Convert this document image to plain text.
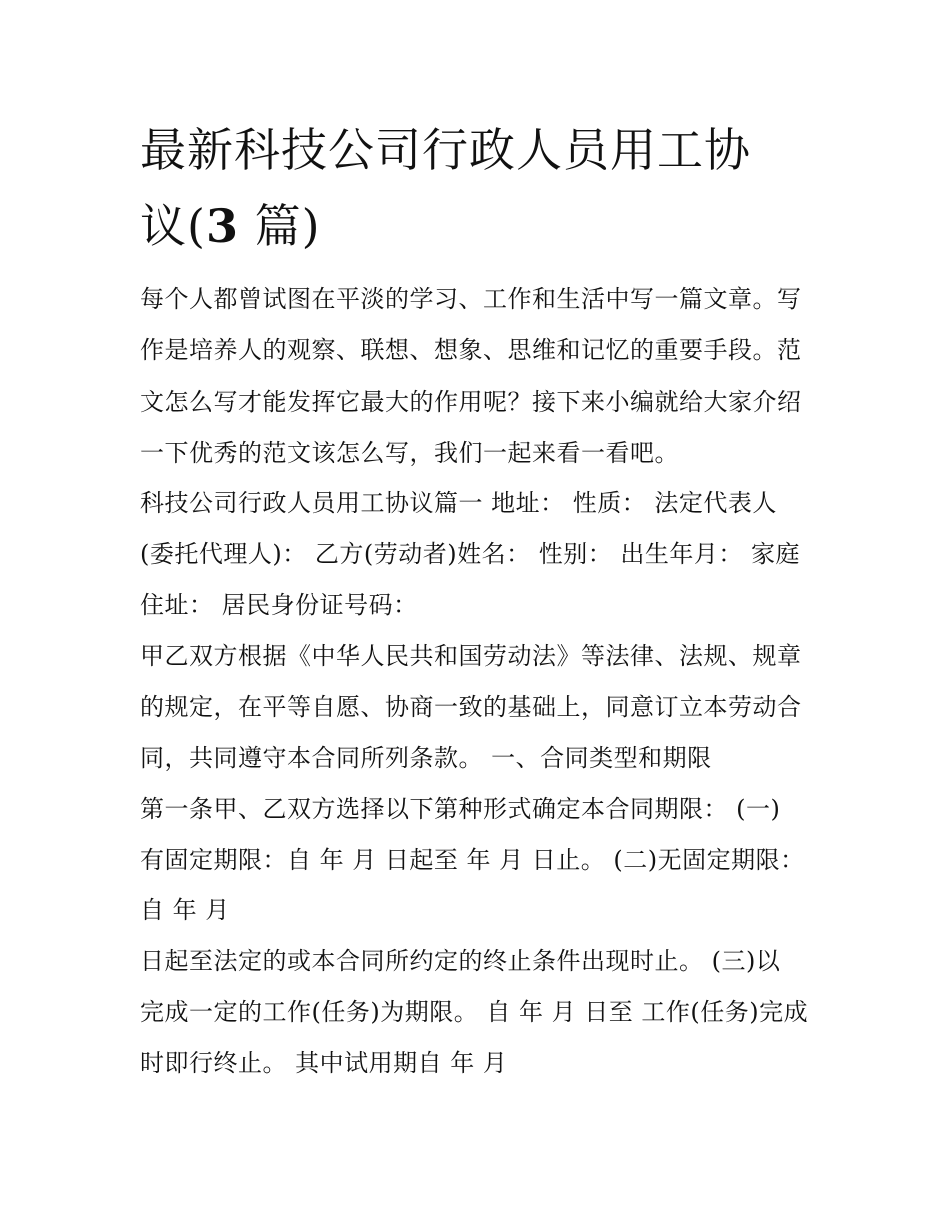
最新科技公司行政人员用工协
议(3 篇)
每个人都曾试图在平淡的学习、工作和生活中写一篇文章。写
作是培养人的观察、联想、想象、思维和记忆的重要手段。范
文怎么写才能发挥它最大的作用呢？接下来小编就给大家介绍
一下优秀的范文该怎么写，我们一起来看一看吧。
科技公司行政人员用工协议篇一 地址： 性质： 法定代表人
(委托代理人)： 乙方(劳动者)姓名： 性别： 出生年月： 家庭
住址： 居民身份证号码：
甲乙双方根据《中华人民共和国劳动法》等法律、法规、规章
的规定，在平等自愿、协商一致的基础上，同意订立本劳动合
同，共同遵守本合同所列条款。 一、合同类型和期限
第一条甲、乙双方选择以下第种形式确定本合同期限： (一)
有固定期限：自 年 月 日起至 年 月 日止。 (二)无固定期限：
自 年 月
日起至法定的或本合同所约定的终止条件出现时止。 (三)以
完成一定的工作(任务)为期限。 自 年 月 日至 工作(任务)完成
时即行终止。 其中试用期自 年 月
